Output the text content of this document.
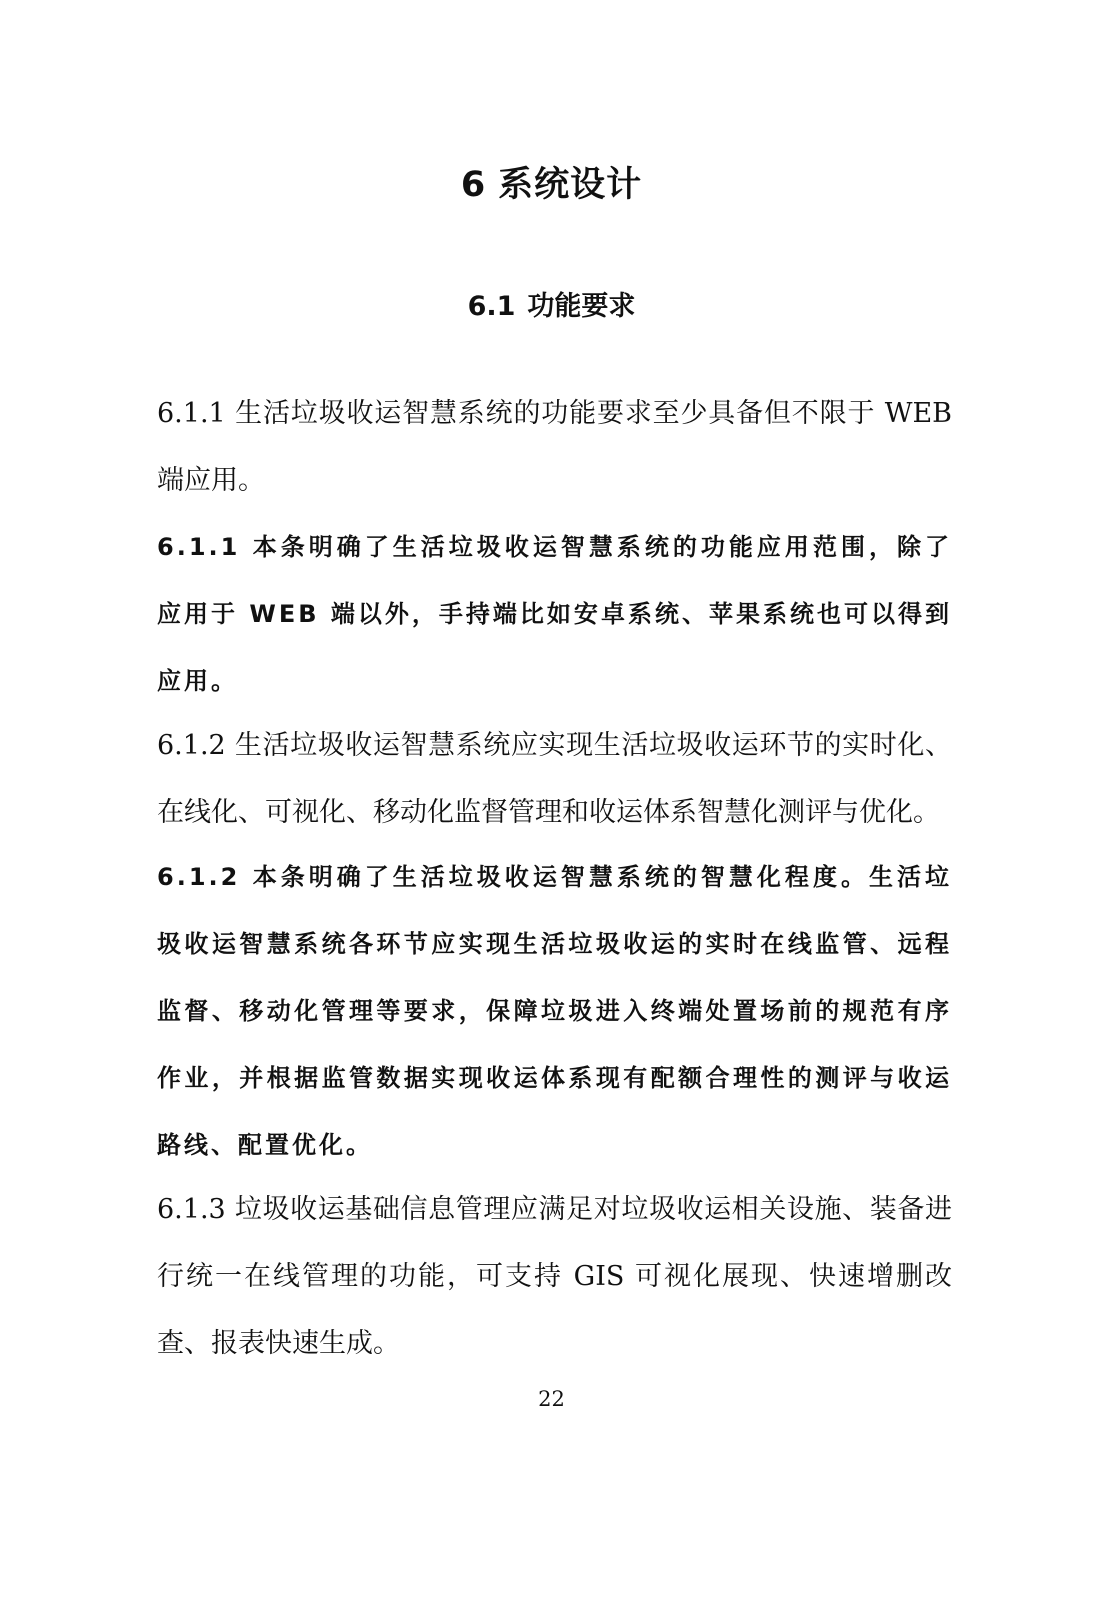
6 系统设计
6.1 功能要求

6.1.1 生活垃圾收运智慧系统的功能要求至少具备但不限于 WEB 端应用。

6.1.1 本条明确了生活垃圾收运智慧系统的功能应用范围，除了应用于 WEB 端以外，手持端比如安卓系统、苹果系统也可以得到应用。

6.1.2 生活垃圾收运智慧系统应实现生活垃圾收运环节的实时化、在线化、可视化、移动化监督管理和收运体系智慧化测评与优化。

6.1.2 本条明确了生活垃圾收运智慧系统的智慧化程度。生活垃圾收运智慧系统各环节应实现生活垃圾收运的实时在线监管、远程监督、移动化管理等要求，保障垃圾进入终端处置场前的规范有序作业，并根据监管数据实现收运体系现有配额合理性的测评与收运路线、配置优化。

6.1.3 垃圾收运基础信息管理应满足对垃圾收运相关设施、装备进行统一在线管理的功能，可支持 GIS 可视化展现、快速增删改查、报表快速生成。

22
